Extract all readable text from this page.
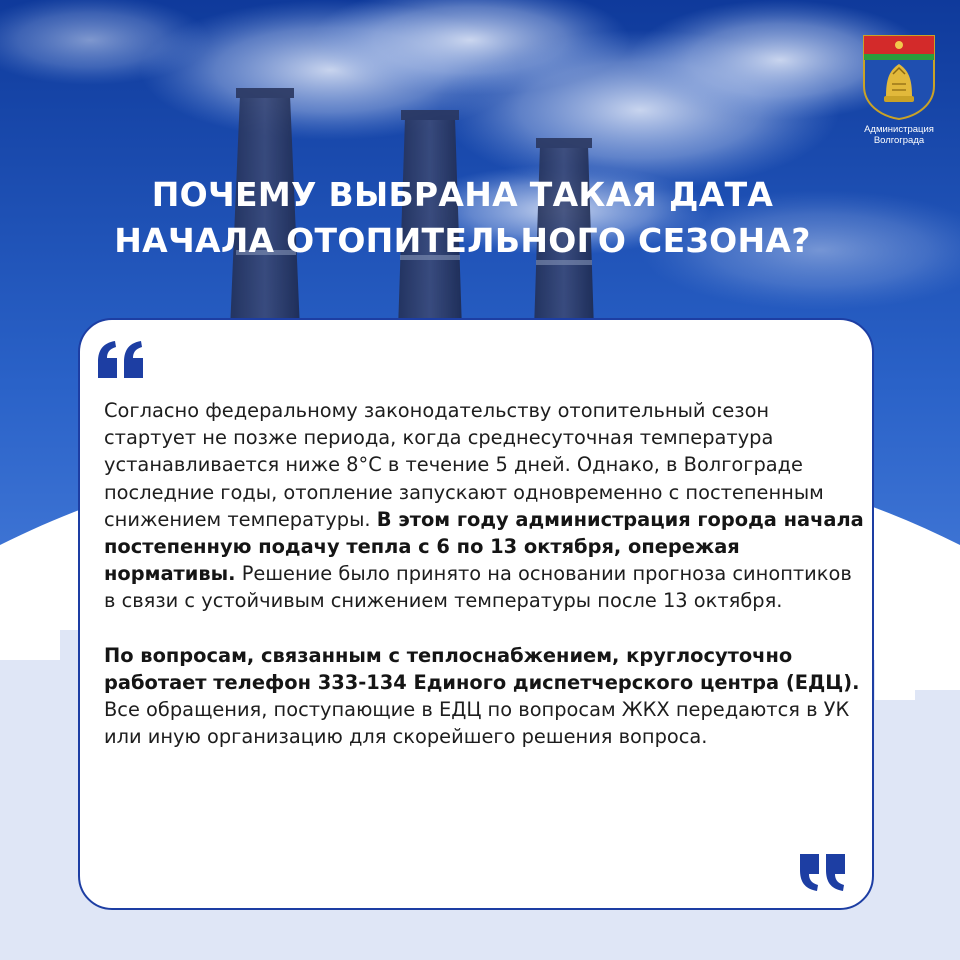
Администрация
Волгограда
ПОЧЕМУ ВЫБРАНА ТАКАЯ ДАТА
НАЧАЛА ОТОПИТЕЛЬНОГО СЕЗОНА?

Согласно федеральному законодательству отопительный сезон стартует не позже периода, когда среднесуточная температура устанавливается ниже 8°С в течение 5 дней. Однако, в Волгограде последние годы, отопление запускают одновременно с постепенным снижением температуры. В этом году администрация города начала постепенную подачу тепла с 6 по 13 октября, опережая нормативы. Решение было принято на основании прогноза синоптиков в связи с устойчивым снижением температуры после 13 октября.

По вопросам, связанным с теплоснабжением, круглосуточно работает телефон 333-134 Единого диспетчерского центра (ЕДЦ). Все обращения, поступающие в ЕДЦ по вопросам ЖКХ передаются в УК или иную организацию для скорейшего решения вопроса.
